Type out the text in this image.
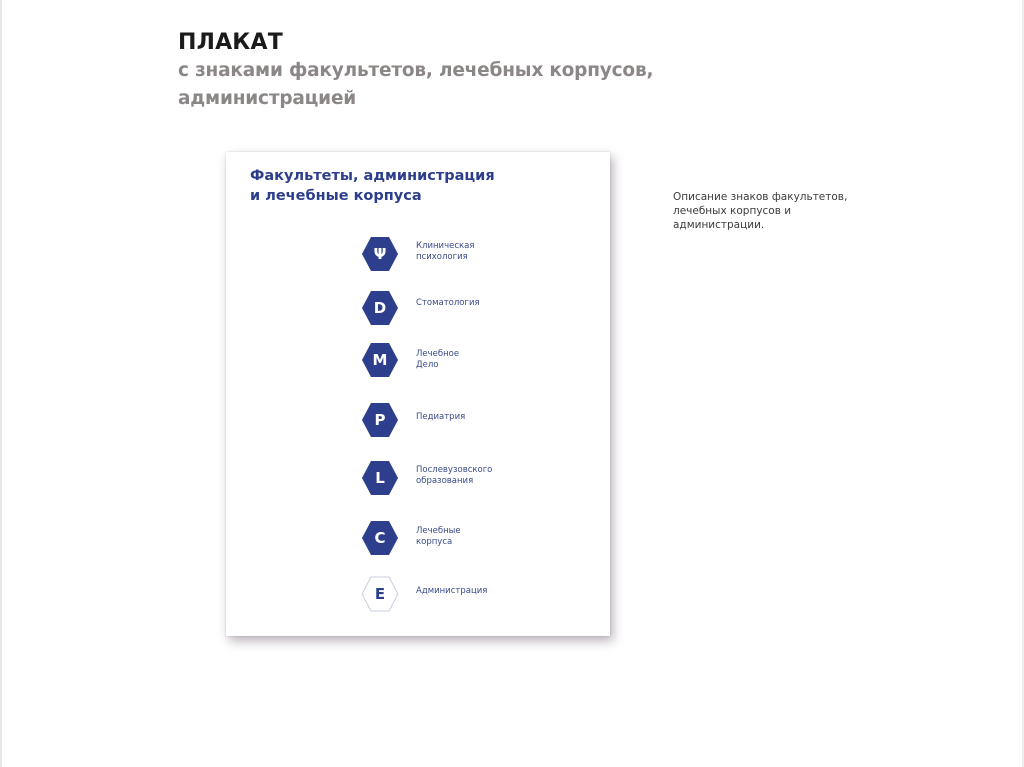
ПЛАКАТ
с знаками факультетов, лечебных корпусов,
администрацией
Факультеты, администрация
и лечебные корпуса
Ψ	Клиническая
психология
D	Стоматология
M	Лечебное
Дело
P	Педиатрия
L	Послевузовского
образования
C	Лечебные
корпуса
E	Администрация
Описание знаков факультетов,
лечебных корпусов и
администрации.
